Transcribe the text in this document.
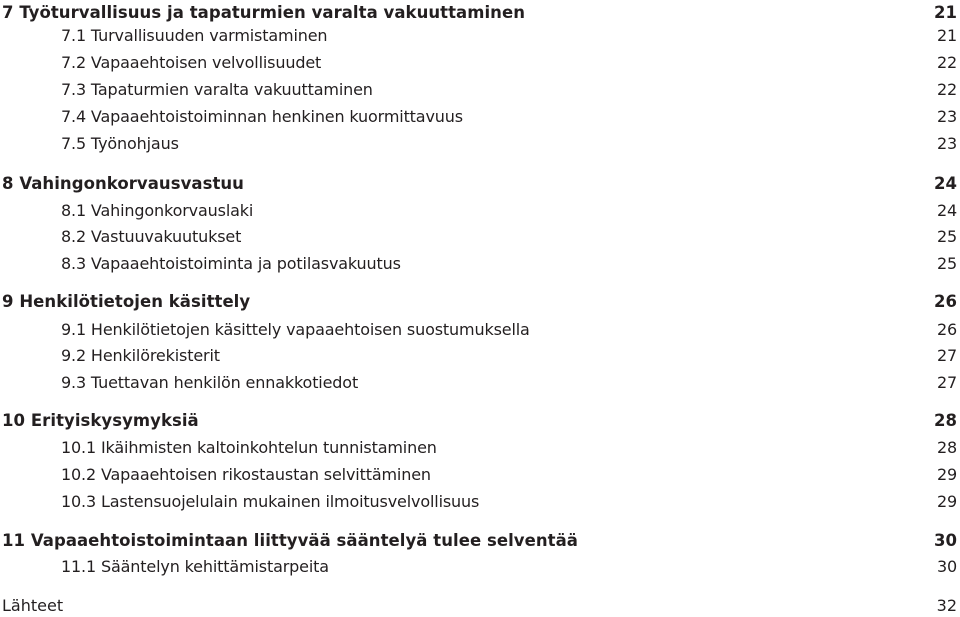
7 Työturvallisuus ja tapaturmien varalta vakuuttaminen	21
7.1 Turvallisuuden varmistaminen	21
7.2 Vapaaehtoisen velvollisuudet	22
7.3 Tapaturmien varalta vakuuttaminen	22
7.4 Vapaaehtoistoiminnan henkinen kuormittavuus	23
7.5 Työnohjaus	23
8 Vahingonkorvausvastuu	24
8.1 Vahingonkorvauslaki	24
8.2 Vastuuvakuutukset	25
8.3 Vapaaehtoistoiminta ja potilasvakuutus	25
9 Henkilötietojen käsittely	26
9.1 Henkilötietojen käsittely vapaaehtoisen suostumuksella	26
9.2 Henkilörekisterit	27
9.3 Tuettavan henkilön ennakkotiedot	27
10 Erityiskysymyksiä	28
10.1 Ikäihmisten kaltoinkohtelun tunnistaminen	28
10.2 Vapaaehtoisen rikostaustan selvittäminen	29
10.3 Lastensuojelulain mukainen ilmoitusvelvollisuus	29
11 Vapaaehtoistoimintaan liittyvää sääntelyä tulee selventää	30
11.1 Sääntelyn kehittämistarpeita	30
Lähteet	32
